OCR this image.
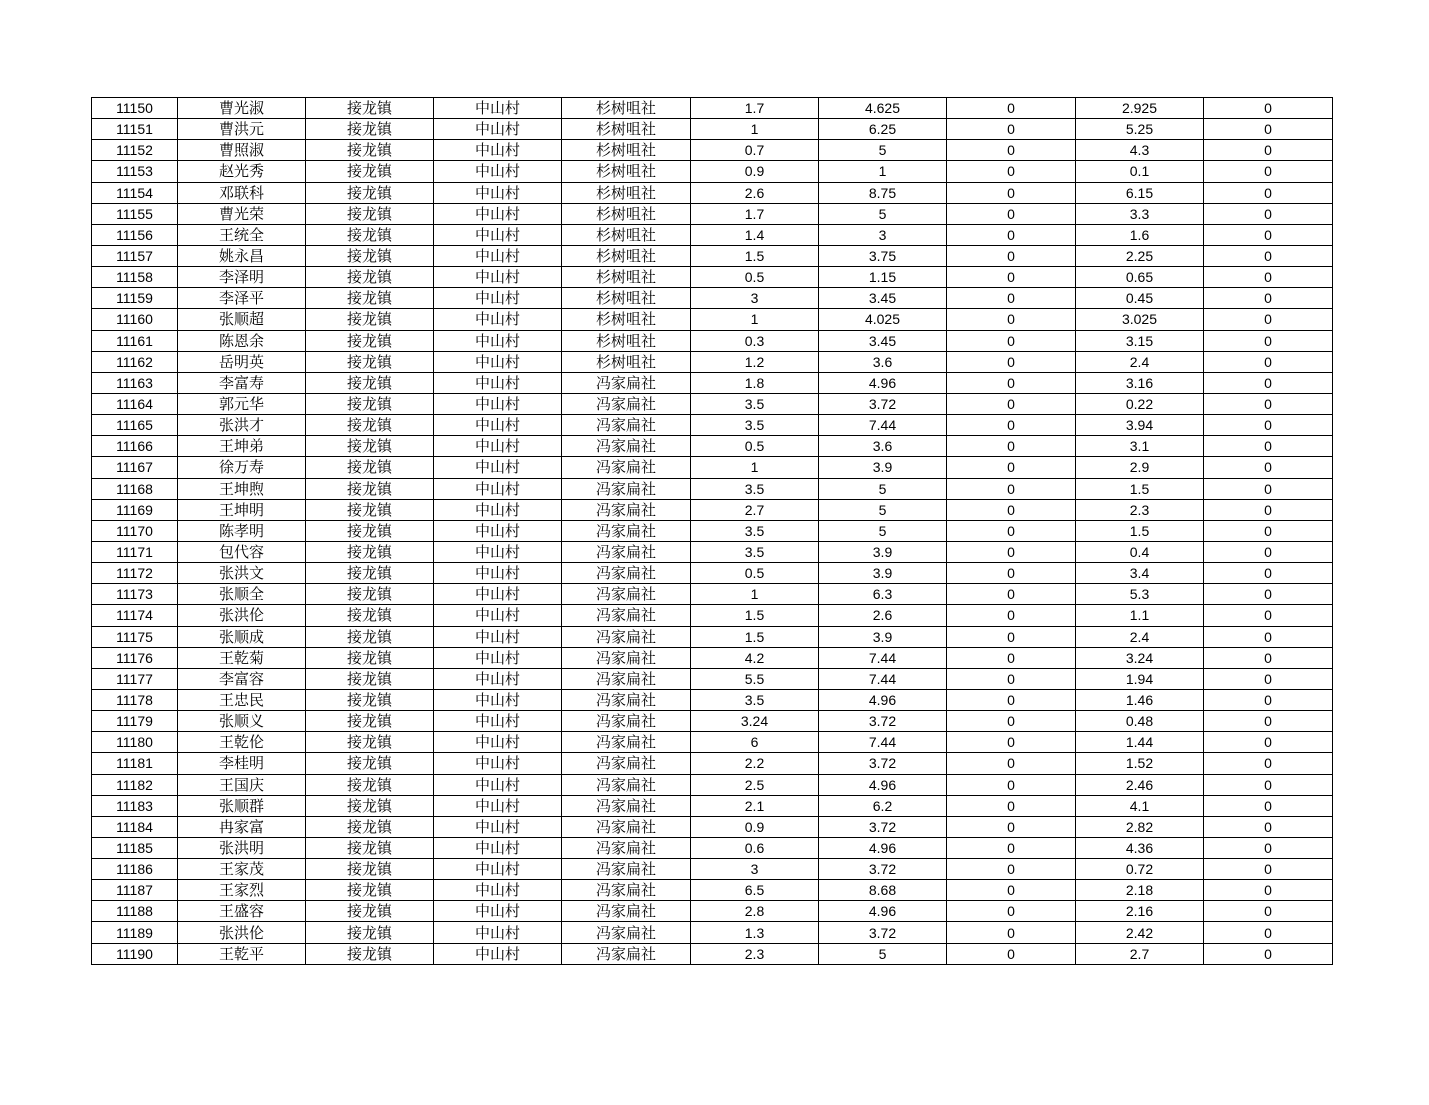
11150	曹光淑	接龙镇	中山村	杉树咀社	1.7	4.625	0	2.925	0
11151	曹洪元	接龙镇	中山村	杉树咀社	1	6.25	0	5.25	0
11152	曹照淑	接龙镇	中山村	杉树咀社	0.7	5	0	4.3	0
11153	赵光秀	接龙镇	中山村	杉树咀社	0.9	1	0	0.1	0
11154	邓联科	接龙镇	中山村	杉树咀社	2.6	8.75	0	6.15	0
11155	曹光荣	接龙镇	中山村	杉树咀社	1.7	5	0	3.3	0
11156	王统全	接龙镇	中山村	杉树咀社	1.4	3	0	1.6	0
11157	姚永昌	接龙镇	中山村	杉树咀社	1.5	3.75	0	2.25	0
11158	李泽明	接龙镇	中山村	杉树咀社	0.5	1.15	0	0.65	0
11159	李泽平	接龙镇	中山村	杉树咀社	3	3.45	0	0.45	0
11160	张顺超	接龙镇	中山村	杉树咀社	1	4.025	0	3.025	0
11161	陈恩余	接龙镇	中山村	杉树咀社	0.3	3.45	0	3.15	0
11162	岳明英	接龙镇	中山村	杉树咀社	1.2	3.6	0	2.4	0
11163	李富寿	接龙镇	中山村	冯家扁社	1.8	4.96	0	3.16	0
11164	郭元华	接龙镇	中山村	冯家扁社	3.5	3.72	0	0.22	0
11165	张洪才	接龙镇	中山村	冯家扁社	3.5	7.44	0	3.94	0
11166	王坤弟	接龙镇	中山村	冯家扁社	0.5	3.6	0	3.1	0
11167	徐万寿	接龙镇	中山村	冯家扁社	1	3.9	0	2.9	0
11168	王坤煦	接龙镇	中山村	冯家扁社	3.5	5	0	1.5	0
11169	王坤明	接龙镇	中山村	冯家扁社	2.7	5	0	2.3	0
11170	陈孝明	接龙镇	中山村	冯家扁社	3.5	5	0	1.5	0
11171	包代容	接龙镇	中山村	冯家扁社	3.5	3.9	0	0.4	0
11172	张洪文	接龙镇	中山村	冯家扁社	0.5	3.9	0	3.4	0
11173	张顺全	接龙镇	中山村	冯家扁社	1	6.3	0	5.3	0
11174	张洪伦	接龙镇	中山村	冯家扁社	1.5	2.6	0	1.1	0
11175	张顺成	接龙镇	中山村	冯家扁社	1.5	3.9	0	2.4	0
11176	王乾菊	接龙镇	中山村	冯家扁社	4.2	7.44	0	3.24	0
11177	李富容	接龙镇	中山村	冯家扁社	5.5	7.44	0	1.94	0
11178	王忠民	接龙镇	中山村	冯家扁社	3.5	4.96	0	1.46	0
11179	张顺义	接龙镇	中山村	冯家扁社	3.24	3.72	0	0.48	0
11180	王乾伦	接龙镇	中山村	冯家扁社	6	7.44	0	1.44	0
11181	李桂明	接龙镇	中山村	冯家扁社	2.2	3.72	0	1.52	0
11182	王国庆	接龙镇	中山村	冯家扁社	2.5	4.96	0	2.46	0
11183	张顺群	接龙镇	中山村	冯家扁社	2.1	6.2	0	4.1	0
11184	冉家富	接龙镇	中山村	冯家扁社	0.9	3.72	0	2.82	0
11185	张洪明	接龙镇	中山村	冯家扁社	0.6	4.96	0	4.36	0
11186	王家茂	接龙镇	中山村	冯家扁社	3	3.72	0	0.72	0
11187	王家烈	接龙镇	中山村	冯家扁社	6.5	8.68	0	2.18	0
11188	王盛容	接龙镇	中山村	冯家扁社	2.8	4.96	0	2.16	0
11189	张洪伦	接龙镇	中山村	冯家扁社	1.3	3.72	0	2.42	0
11190	王乾平	接龙镇	中山村	冯家扁社	2.3	5	0	2.7	0
